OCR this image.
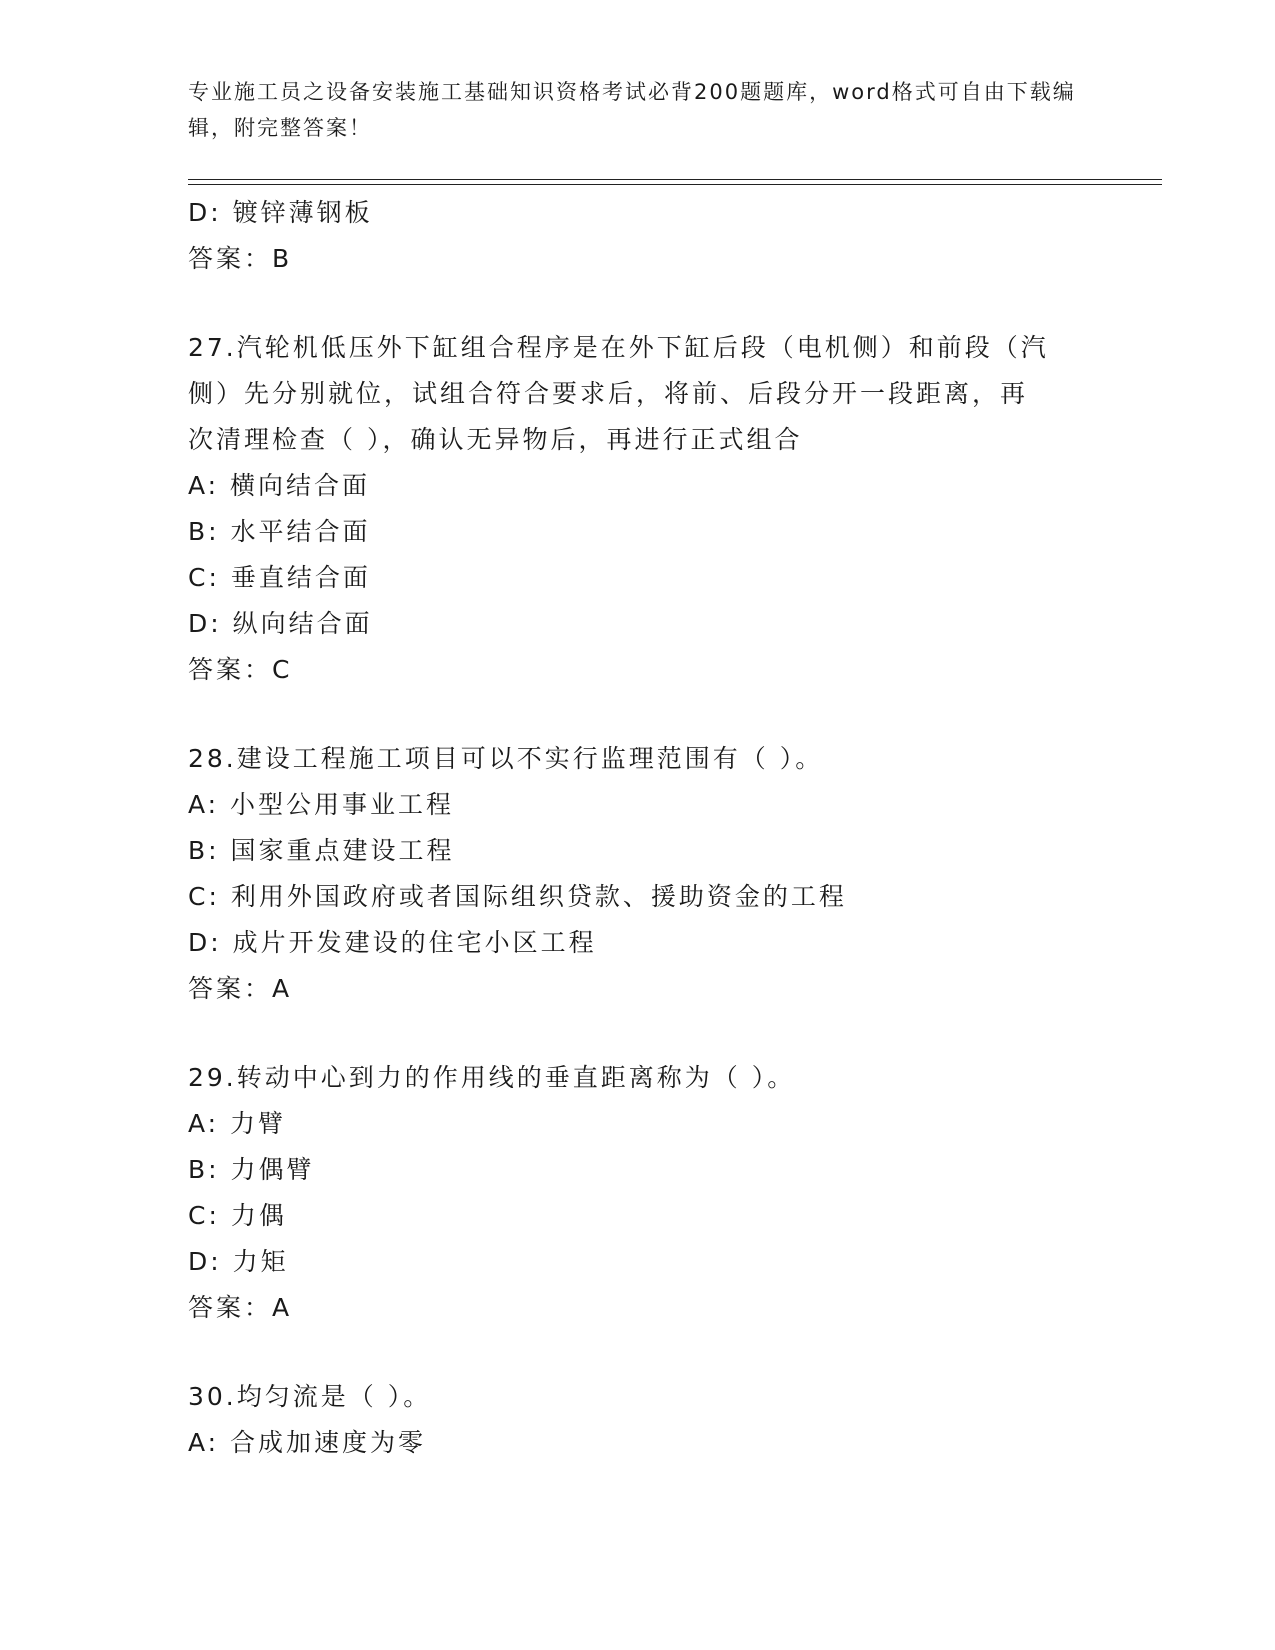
专业施工员之设备安装施工基础知识资格考试必背200题题库，word格式可自由下载编辑，附完整答案！

D: 镀锌薄钢板

答案：B

27.汽轮机低压外下缸组合程序是在外下缸后段（电机侧）和前段（汽

侧）先分别就位，试组合符合要求后，将前、后段分开一段距离，再

次清理检查（ ），确认无异物后，再进行正式组合

A: 横向结合面

B: 水平结合面

C: 垂直结合面

D: 纵向结合面

答案：C

28.建设工程施工项目可以不实行监理范围有（ ）。

A: 小型公用事业工程

B: 国家重点建设工程

C: 利用外国政府或者国际组织贷款、援助资金的工程

D: 成片开发建设的住宅小区工程

答案：A

29.转动中心到力的作用线的垂直距离称为（ ）。

A: 力臂

B: 力偶臂

C: 力偶

D: 力矩

答案：A

30.均匀流是（ ）。

A: 合成加速度为零
